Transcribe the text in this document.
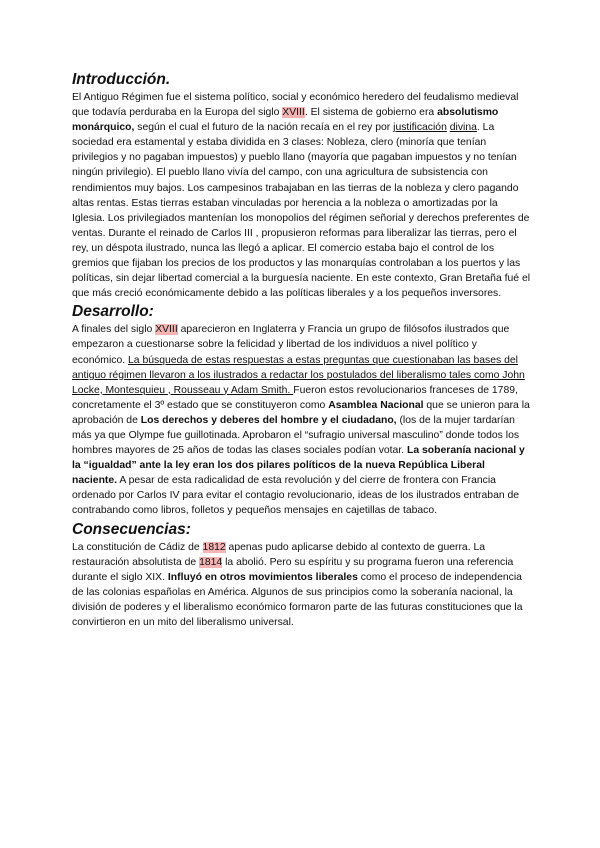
Introducción.

El Antiguo Régimen fue el sistema político, social y económico heredero del feudalismo medieval que todavía perduraba en la Europa del siglo XVIII. El sistema de gobierno era absolutismo monárquico, según el cual el futuro de la nación recaía en el rey por justificación divina. La sociedad era estamental y estaba dividida en 3 clases: Nobleza, clero (minoría que tenían privilegios y no pagaban impuestos) y pueblo llano (mayoría que pagaban impuestos y no tenían ningún privilegio). El pueblo llano vivía del campo, con una agricultura de subsistencia con rendimientos muy bajos. Los campesinos trabajaban en las tierras de la nobleza y clero pagando altas rentas. Estas tierras estaban vinculadas por herencia a la nobleza o amortizadas por la Iglesia. Los privilegiados mantenían los monopolios del régimen señorial y derechos preferentes de ventas. Durante el reinado de Carlos III , propusieron reformas para liberalizar las tierras, pero el rey, un déspota ilustrado, nunca las llegó a aplicar. El comercio estaba bajo el control de los gremios que fijaban los precios de los productos y las monarquías controlaban a los puertos y las políticas, sin dejar libertad comercial a la burguesía naciente. En este contexto, Gran Bretaña fué el que más creció económicamente debido a las políticas liberales y a los pequeños inversores.

Desarrollo:

A finales del siglo XVIII aparecieron en Inglaterra y Francia un grupo de filósofos ilustrados que empezaron a cuestionarse sobre la felicidad y libertad de los individuos a nivel político y económico. La búsqueda de estas respuestas a estas preguntas que cuestionaban las bases del antiguo régimen llevaron a los ilustrados a redactar los postulados del liberalismo tales como John Locke, Montesquieu , Rousseau y Adam Smith. Fueron estos revolucionarios franceses de 1789, concretamente el 3º estado que se constituyeron como Asamblea Nacional que se unieron para la aprobación de Los derechos y deberes del hombre y el ciudadano, (los de la mujer tardarían más ya que Olympe fue guillotinada. Aprobaron el “sufragio universal masculino” donde todos los hombres mayores de 25 años de todas las clases sociales podían votar. La soberanía nacional y la “igualdad” ante la ley eran los dos pilares políticos de la nueva República Liberal naciente. A pesar de esta radicalidad de esta revolución y del cierre de frontera con Francia ordenado por Carlos IV para evitar el contagio revolucionario, ideas de los ilustrados entraban de contrabando como libros, folletos y pequeños mensajes en cajetillas de tabaco.

Consecuencias:

La constitución de Cádiz de 1812 apenas pudo aplicarse debido al contexto de guerra. La restauración absolutista de 1814 la abolió. Pero su espíritu y su programa fueron una referencia durante el siglo XIX. Influyó en otros movimientos liberales como el proceso de independencia de las colonias españolas en América. Algunos de sus principios como la soberanía nacional, la división de poderes y el liberalismo económico formaron parte de las futuras constituciones que la convirtieron en un mito del liberalismo universal.
